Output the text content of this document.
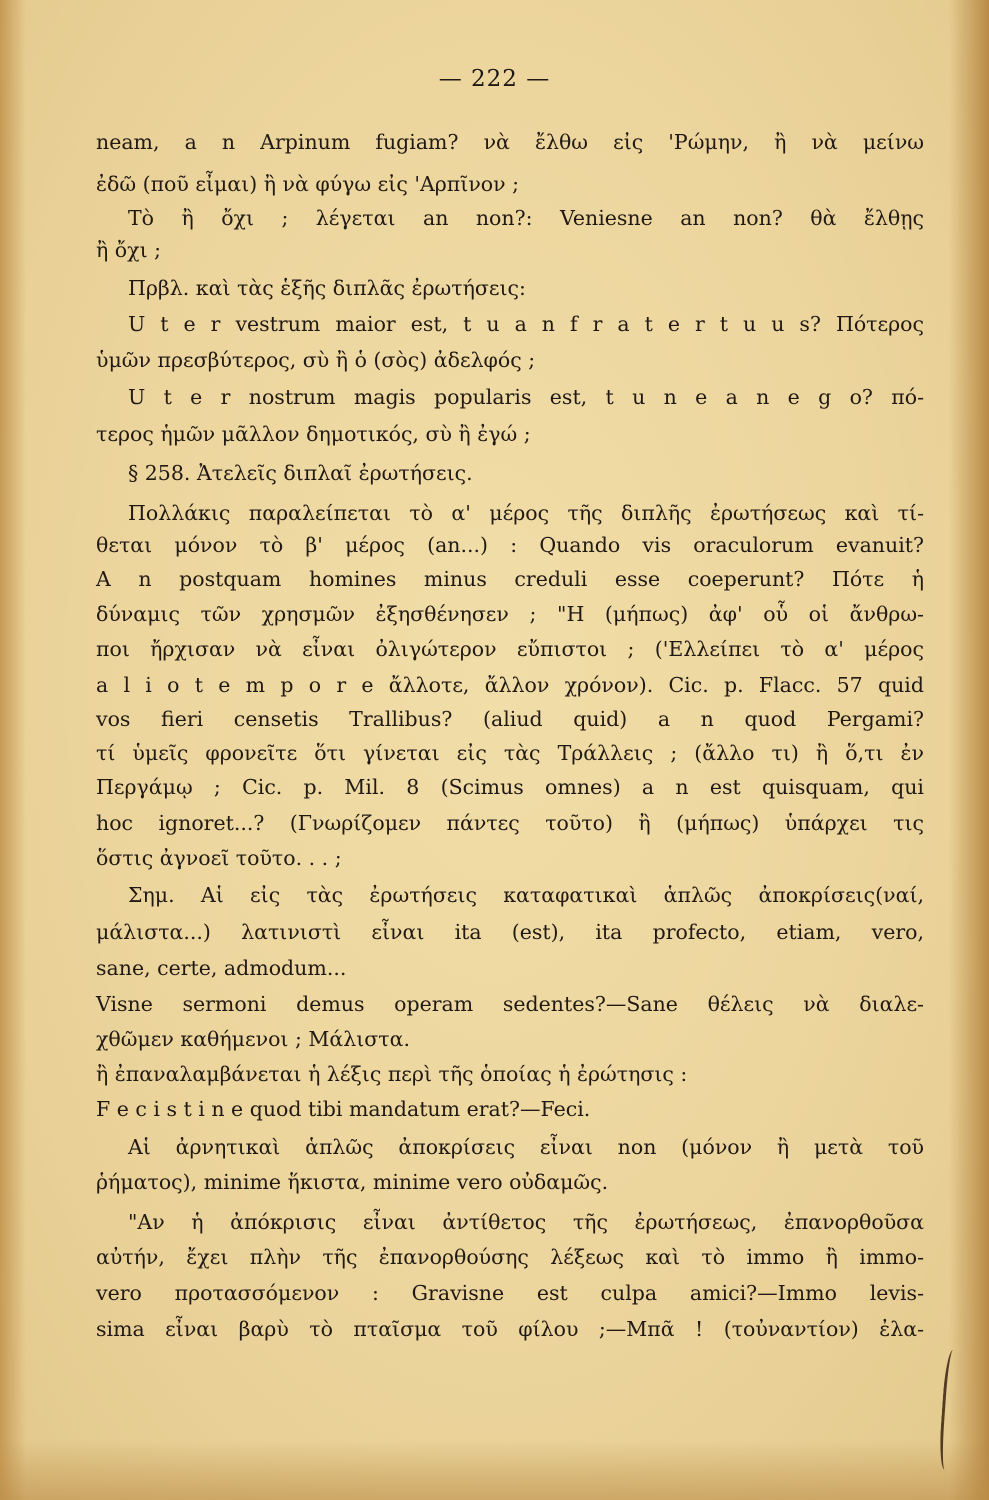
— 222 —
neam, a n Arpinum fugiam? νὰ ἔλθω εἰς 'Ρώμην, ἢ νὰ μείνω
ἐδῶ (ποῦ εἶμαι) ἢ νὰ φύγω εἰς 'Αρπῖνον ;
Τὸ ἢ ὄχι ; λέγεται an non?: Veniesne an non? θὰ ἔλθῃς
ἢ ὄχι ;
Πρβλ. καὶ τὰς ἑξῆς διπλᾶς ἐρωτήσεις:
U t e r vestrum maior est, t u a n f r a t e r t u u s? Πότερος
ὑμῶν πρεσβύτερος, σὺ ἢ ὁ (σὸς) ἀδελφός ;
U t e r nostrum magis popularis est, t u n e a n e g o? πό-
τερος ἡμῶν μᾶλλον δημοτικός, σὺ ἢ ἐγώ ;
§ 258. Ἀτελεῖς διπλαῖ ἐρωτήσεις.
Πολλάκις παραλείπεται τὸ α' μέρος τῆς διπλῆς ἐρωτήσεως καὶ τί-
θεται μόνον τὸ β' μέρος (an...) : Quando vis oraculorum evanuit?
A n postquam homines minus creduli esse coeperunt? Πότε ἡ
δύναμις τῶν χρησμῶν ἐξησθένησεν ; "Η (μήπως) ἀφ' οὗ οἱ ἄνθρω-
ποι ἤρχισαν νὰ εἶναι ὀλιγώτερον εὔπιστοι ; ('Ελλείπει τὸ α' μέρος
a l i o t e m p o r e ἄλλοτε, ἄλλον χρόνον). Cic. p. Flacc. 57 quid
vos fieri censetis Trallibus? (aliud quid) a n quod Pergami?
τί ὑμεῖς φρονεῖτε ὅτι γίνεται εἰς τὰς Τράλλεις ; (ἄλλο τι) ἢ ὅ,τι ἐν
Περγάμῳ ; Cic. p. Mil. 8 (Scimus omnes) a n est quisquam, qui
hoc ignoret...? (Γνωρίζομεν πάντες τοῦτο) ἢ (μήπως) ὑπάρχει τις
ὅστις ἀγνοεῖ τοῦτο. . . ;
Σημ. Αἱ εἰς τὰς ἐρωτήσεις καταφατικαὶ ἁπλῶς ἀποκρίσεις(ναί,
μάλιστα...) λατινιστὶ εἶναι ita (est), ita profecto, etiam, vero,
sane, certe, admodum...
Visne sermoni demus operam sedentes?—Sane θέλεις νὰ διαλε-
χθῶμεν καθήμενοι ; Μάλιστα.
ἢ ἐπαναλαμβάνεται ἡ λέξις περὶ τῆς ὁποίας ἡ ἐρώτησις :
F e c i s t i n e quod tibi mandatum erat?—Feci.
Αἱ ἀρνητικαὶ ἁπλῶς ἀποκρίσεις εἶναι non (μόνον ἢ μετὰ τοῦ
ῥήματος), minime ἥκιστα, minime vero οὐδαμῶς.
"Αν ἡ ἀπόκρισις εἶναι ἀντίθετος τῆς ἐρωτήσεως, ἐπανορθοῦσα
αὐτήν, ἔχει πλὴν τῆς ἐπανορθούσης λέξεως καὶ τὸ immo ἢ immo-
vero προτασσόμενον : Gravisne est culpa amici?—Immo levis-
sima εἶναι βαρὺ τὸ πταῖσμα τοῦ φίλου ;—Μπᾶ ! (τοὐναντίον) ἐλα-
